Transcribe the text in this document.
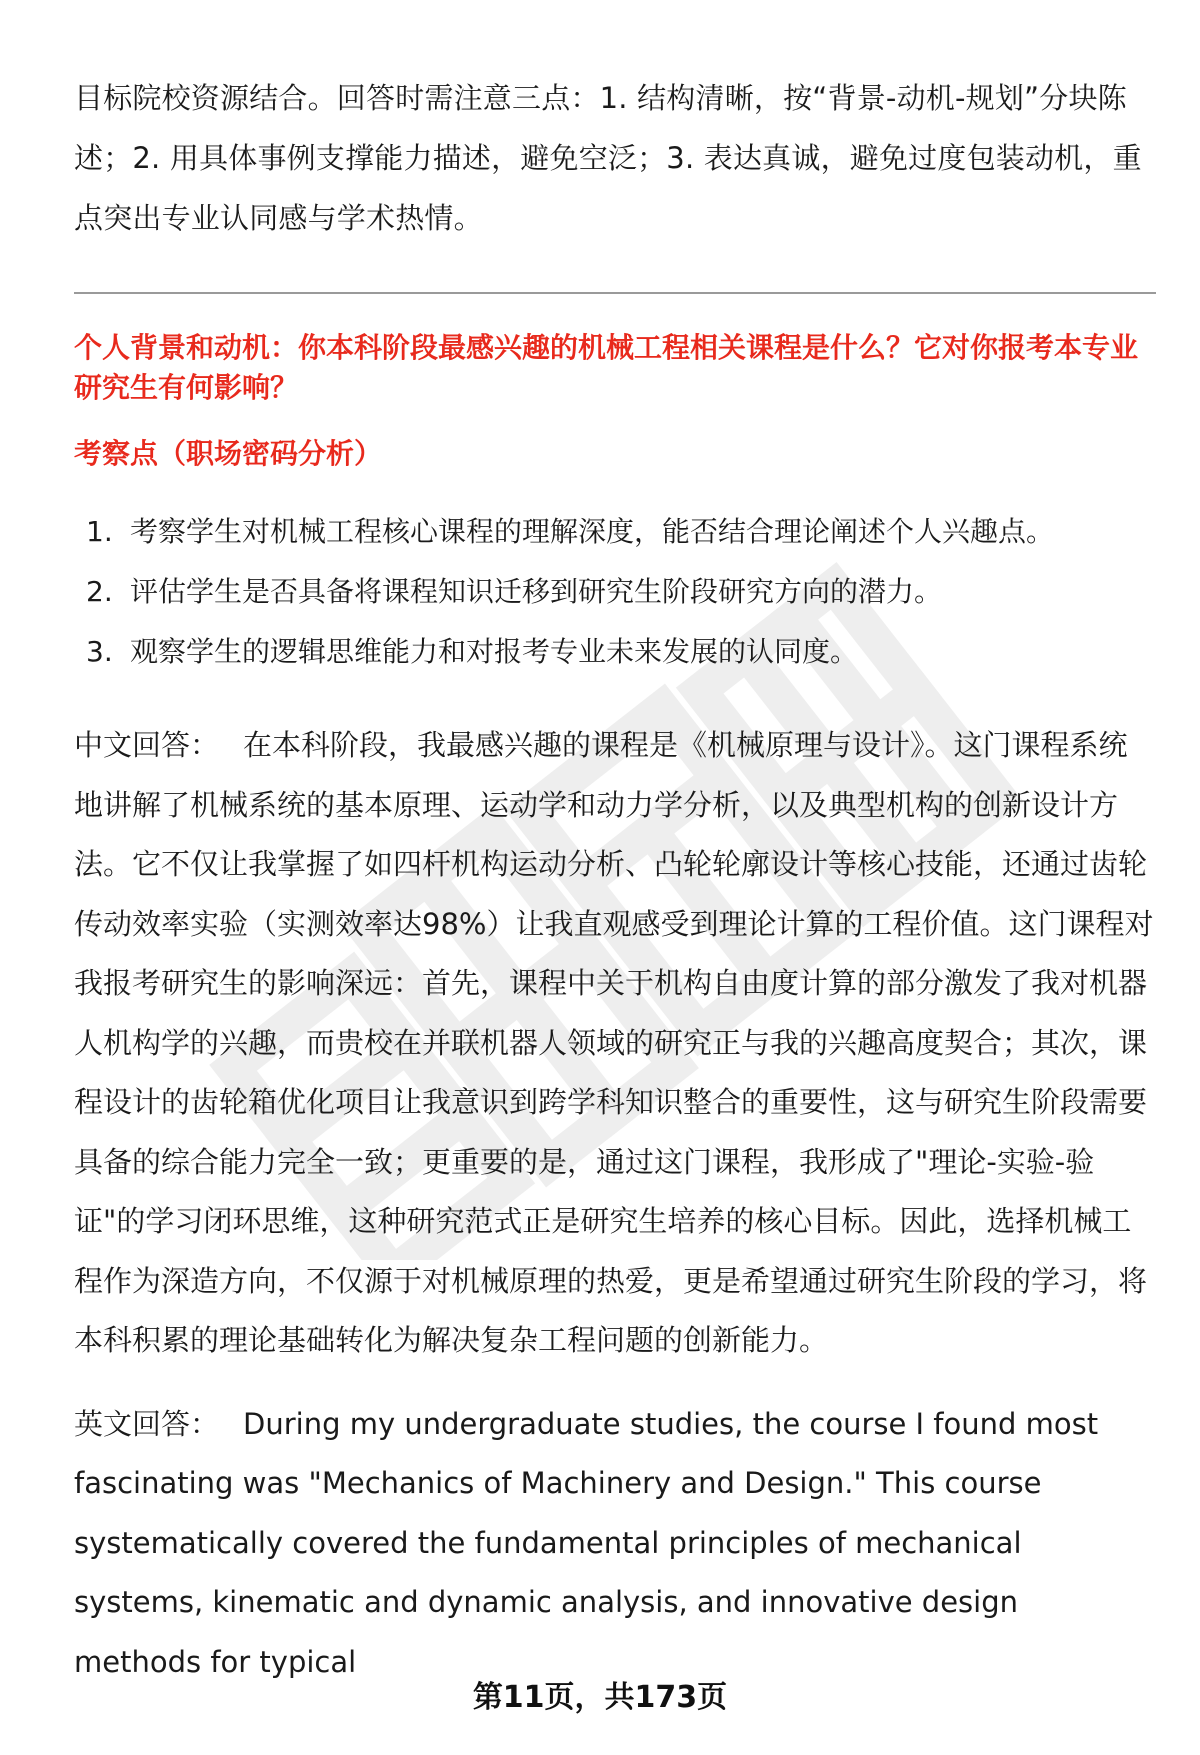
目标院校资源结合。回答时需注意三点：1. 结构清晰，按“背景-动机-规划”分块陈述；2. 用具体事例支撑能力描述，避免空泛；3. 表达真诚，避免过度包装动机，重点突出专业认同感与学术热情。

个人背景和动机：你本科阶段最感兴趣的机械工程相关课程是什么？它对你报考本专业研究生有何影响？

考察点（职场密码分析）

1. 考察学生对机械工程核心课程的理解深度，能否结合理论阐述个人兴趣点。
2. 评估学生是否具备将课程知识迁移到研究生阶段研究方向的潜力。
3. 观察学生的逻辑思维能力和对报考专业未来发展的认同度。

中文回答： 在本科阶段，我最感兴趣的课程是《机械原理与设计》。这门课程系统地讲解了机械系统的基本原理、运动学和动力学分析，以及典型机构的创新设计方法。它不仅让我掌握了如四杆机构运动分析、凸轮轮廓设计等核心技能，还通过齿轮传动效率实验（实测效率达98%）让我直观感受到理论计算的工程价值。这门课程对我报考研究生的影响深远：首先，课程中关于机构自由度计算的部分激发了我对机器人机构学的兴趣，而贵校在并联机器人领域的研究正与我的兴趣高度契合；其次，课程设计的齿轮箱优化项目让我意识到跨学科知识整合的重要性，这与研究生阶段需要具备的综合能力完全一致；更重要的是，通过这门课程，我形成了"理论-实验-验证"的学习闭环思维，这种研究范式正是研究生培养的核心目标。因此，选择机械工程作为深造方向，不仅源于对机械原理的热爱，更是希望通过研究生阶段的学习，将本科积累的理论基础转化为解决复杂工程问题的创新能力。

英文回答： During my undergraduate studies, the course I found most fascinating was "Mechanics of Machinery and Design." This course systematically covered the fundamental principles of mechanical systems, kinematic and dynamic analysis, and innovative design methods for typical

第11页，共173页
